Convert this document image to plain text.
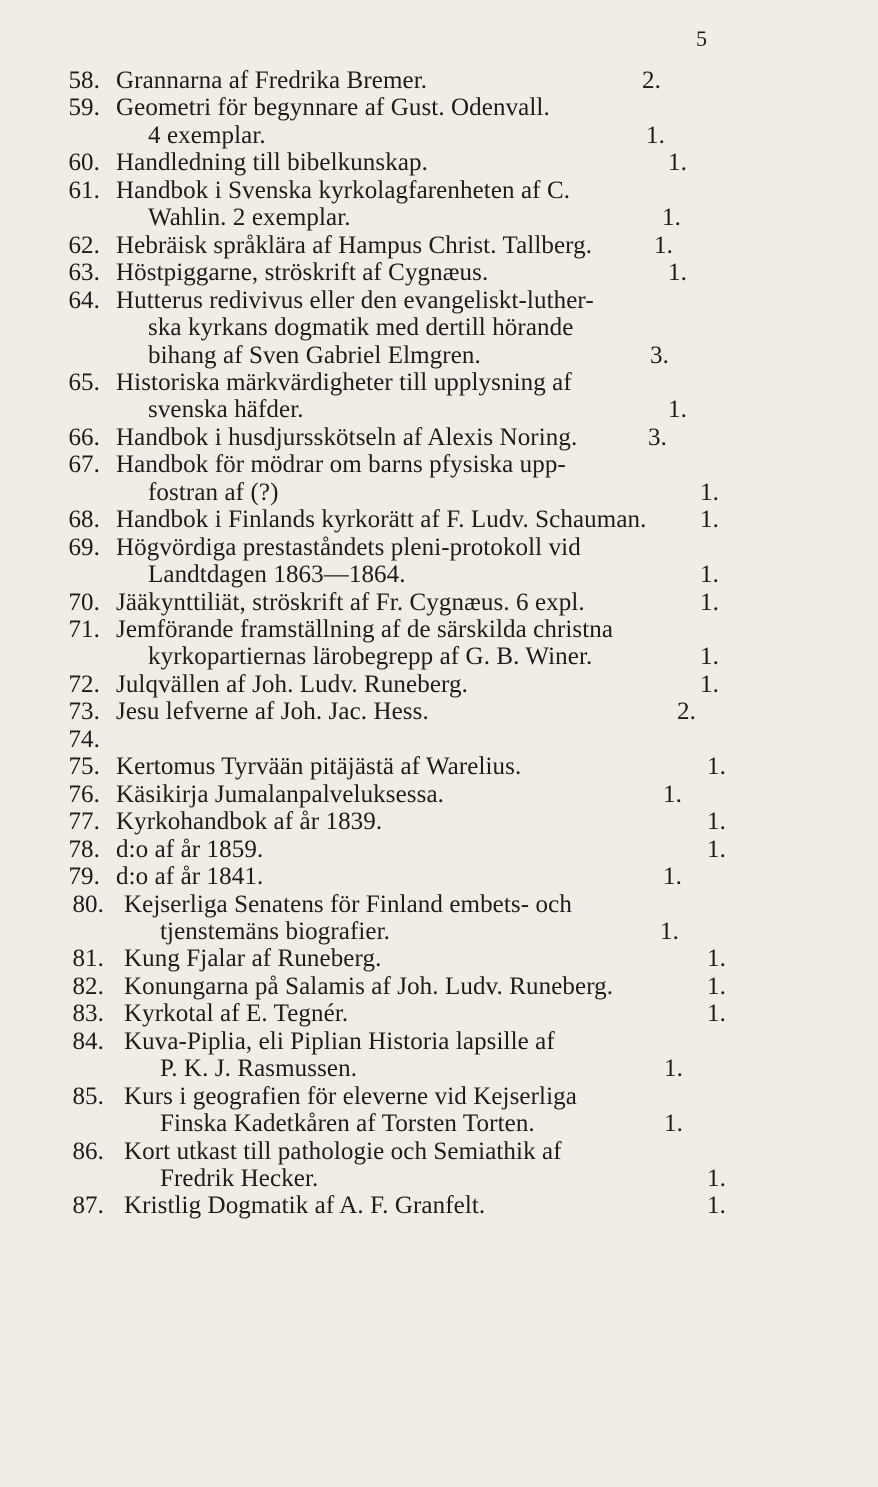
5
58. Grannarna af Fredrika Bremer.	2.
59. Geometri för begynnare af Gust. Odenvall.
4 exemplar.	1.
60. Handledning till bibelkunskap.	1.
61. Handbok i Svenska kyrkolagfarenheten af C.
Wahlin. 2 exemplar.	1.
62. Hebräisk språklära af Hampus Christ. Tallberg. 1.
63. Höstpiggarne, ströskrift af Cygnæus.	1.
64. Hutterus redivivus eller den evangeliskt-luther-
ska kyrkans dogmatik med dertill hörande
bihang af Sven Gabriel Elmgren.	3.
65. Historiska märkvärdigheter till upplysning af
svenska häfder.	1.
66. Handbok i husdjursskötseln af Alexis Noring.	3.
67. Handbok för mödrar om barns pfysiska upp-
fostran af (?)	1.
68. Handbok i Finlands kyrkorätt af F. Ludv. Schauman. 1.
69. Högvördiga prestaståndets pleni-protokoll vid
Landtdagen 1863—1864.	1.
70. Jääkynttiliät, ströskrift af Fr. Cygnæus. 6 expl.	1.
71. Jemförande framställning af de särskilda christna
kyrkopartiernas lärobegrepp af G. B. Winer.	1.
72. Julqvällen af Joh. Ludv. Runeberg.	1.
73. Jesu lefverne af Joh. Jac. Hess.	2.
74.
75. Kertomus Tyrvään pitäjästä af Warelius.	1.
76. Käsikirja Jumalanpalveluksessa.	1.
77. Kyrkohandbok af år 1839.	1.
78. d:o af år 1859.	1.
79. d:o af år 1841.	1.
80. Kejserliga Senatens för Finland embets- och
tjenstemäns biografier.	1.
81. Kung Fjalar af Runeberg.	1.
82. Konungarna på Salamis af Joh. Ludv. Runeberg.	1.
83. Kyrkotal af E. Tegnér.	1.
84. Kuva-Piplia, eli Piplian Historia lapsille af
P. K. J. Rasmussen.	1.
85. Kurs i geografien för eleverne vid Kejserliga
Finska Kadetkåren af Torsten Torten.	1.
86. Kort utkast till pathologie och Semiathik af
Fredrik Hecker.	1.
87. Kristlig Dogmatik af A. F. Granfelt.	1.
